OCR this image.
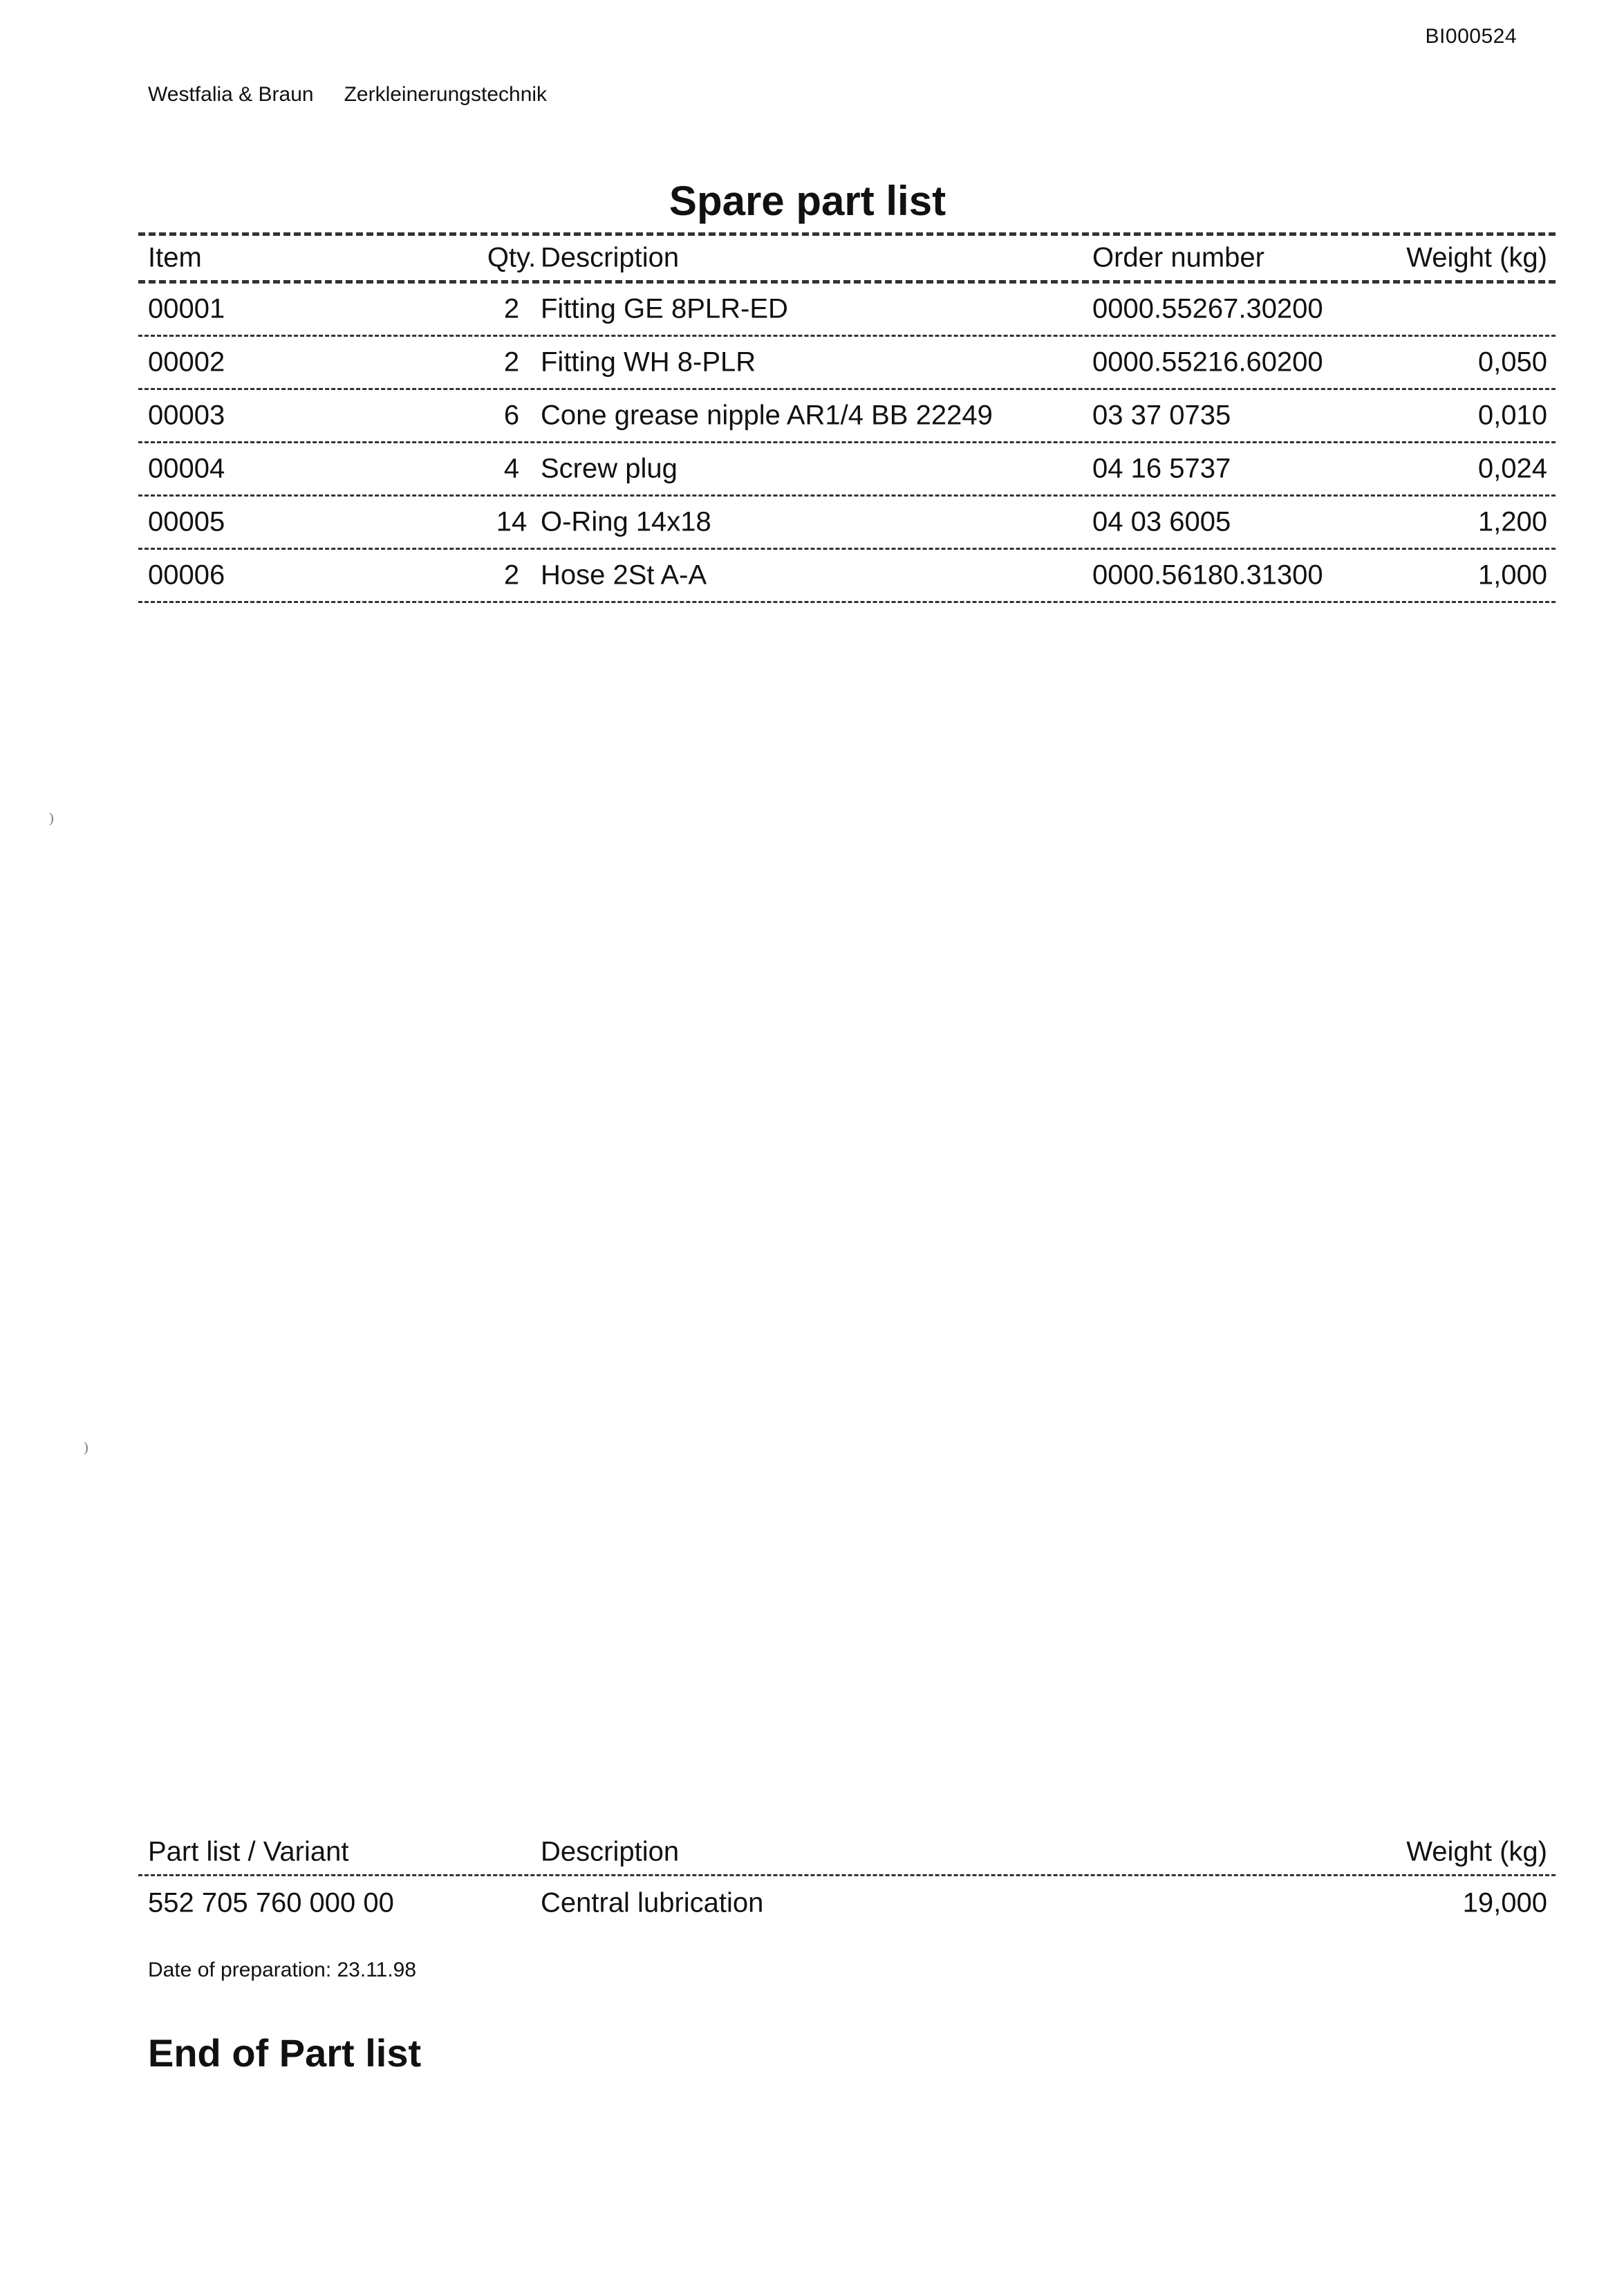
BI000524
Westfalia & Braun Zerkleinerungstechnik
Spare part list
Item	Qty. Description	Order number	Weight (kg)
00001	2 Fitting GE 8PLR-ED	0000.55267.30200
00002	2 Fitting WH 8-PLR	0000.55216.60200	0,050
00003	6 Cone grease nipple AR1/4 BB 22249	03 37 0735	0,010
00004	4 Screw plug	04 16 5737	0,024
00005	14 O-Ring 14x18	04 03 6005	1,200
00006	2 Hose 2St A-A	0000.56180.31300	1,000
⁾
⁾
Part list / Variant	Description	Weight (kg)
552 705 760 000 00	Central lubrication	19,000
Date of preparation: 23.11.98
End of Part list
